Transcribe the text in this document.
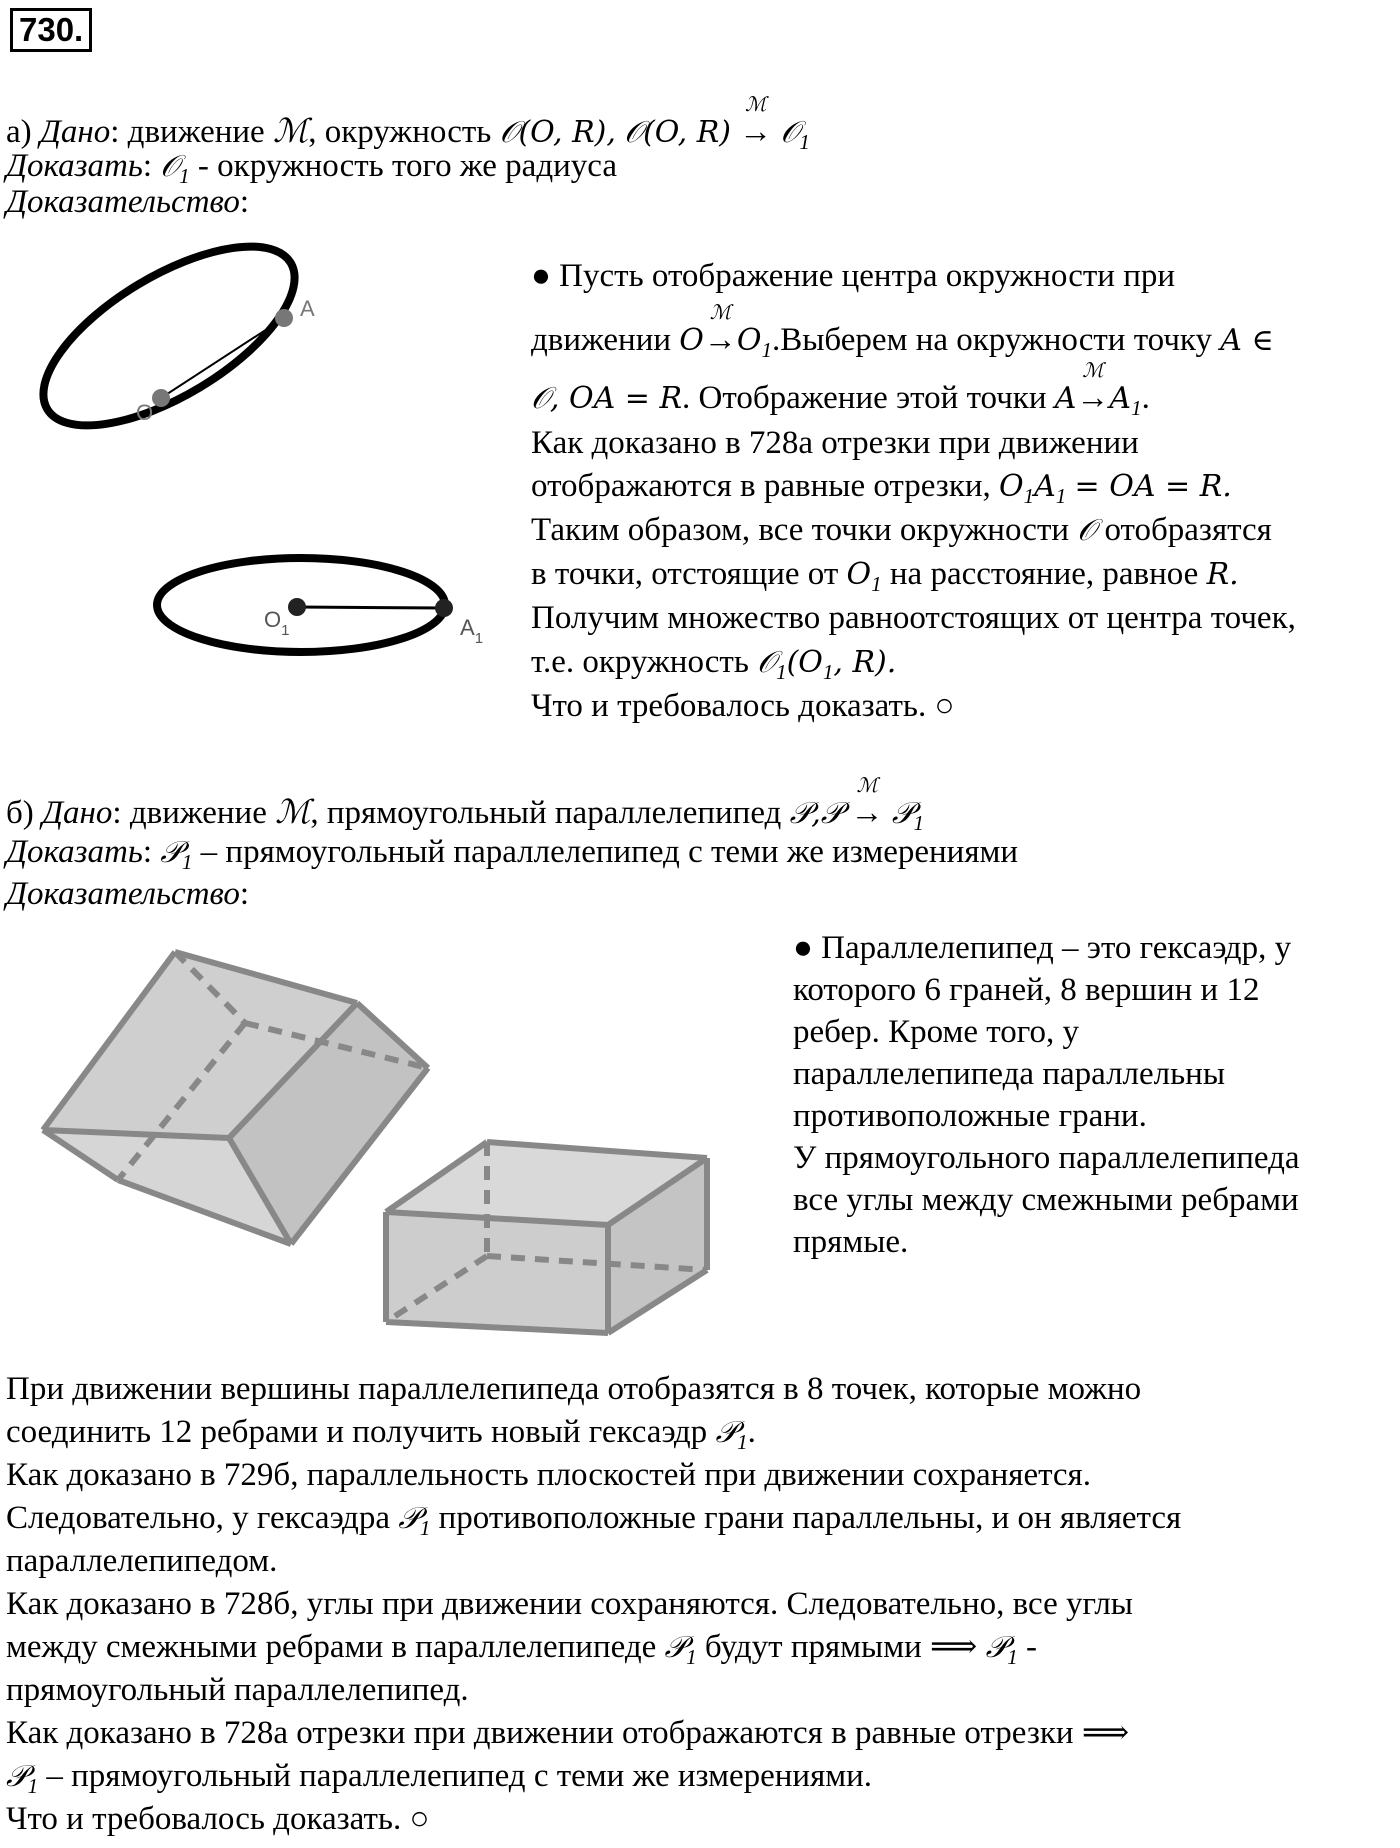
730.
а) Дано: движение ℳ, окружность 𝒪(O, R), 𝒪(O, R)
ℳ
→ 𝒪$_1$
Доказать: 𝒪$_1$ - окружность того же радиуса
Доказательство:
A
O
$O_1$	$A_1$
● Пусть отображение центра окружности при
движении O
ℳ
$\to O_1.Выберем$ на окружности точку A ∈
𝒪, OA = R. Отображение этой точки A
ℳ
$\to A_1$.
Как доказано в 728а отрезки при движении
отображаются в равные отрезки, $O_1A_1$ = OA = R.
Таким образом, все точки окружности 𝒪 отобразятся
в точки, отстоящие от $O_1$ на расстояние, равное R.
Получим множество равноотстоящих от центра точек,
т.е. окружность $𝒪_1(O_1$, R).
Что и требовалось доказать. ○
б) Дано: движение ℳ, прямоугольный параллелепипед 𝒫,𝒫
ℳ
→ 𝒫$_1$
Доказать: 𝒫$_1$ – прямоугольный параллелепипед с теми же измерениями
Доказательство:
● Параллелепипед – это гексаэдр, у
которого 6 граней, 8 вершин и 12
ребер. Кроме того, у
параллелепипеда параллельны
противоположные грани.
У прямоугольного параллелепипеда
все углы между смежными ребрами
прямые.
При движении вершины параллелепипеда отобразятся в 8 точек, которые можно
соединить 12 ребрами и получить новый гексаэдр 𝒫$_1$.
Как доказано в 729б, параллельность плоскостей при движении сохраняется.
Следовательно, у гексаэдра 𝒫$_1$ противоположные грани параллельны, и он является
параллелепипедом.
Как доказано в 728б, углы при движении сохраняются. Следовательно, все углы
между смежными ребрами в параллелепипеде 𝒫$_1$ будут прямыми ⟹ 𝒫$_1$ -
прямоугольный параллелепипед.
Как доказано в 728а отрезки при движении отображаются в равные отрезки ⟹
𝒫$_1$ – прямоугольный параллелепипед с теми же измерениями.
Что и требовалось доказать. ○
